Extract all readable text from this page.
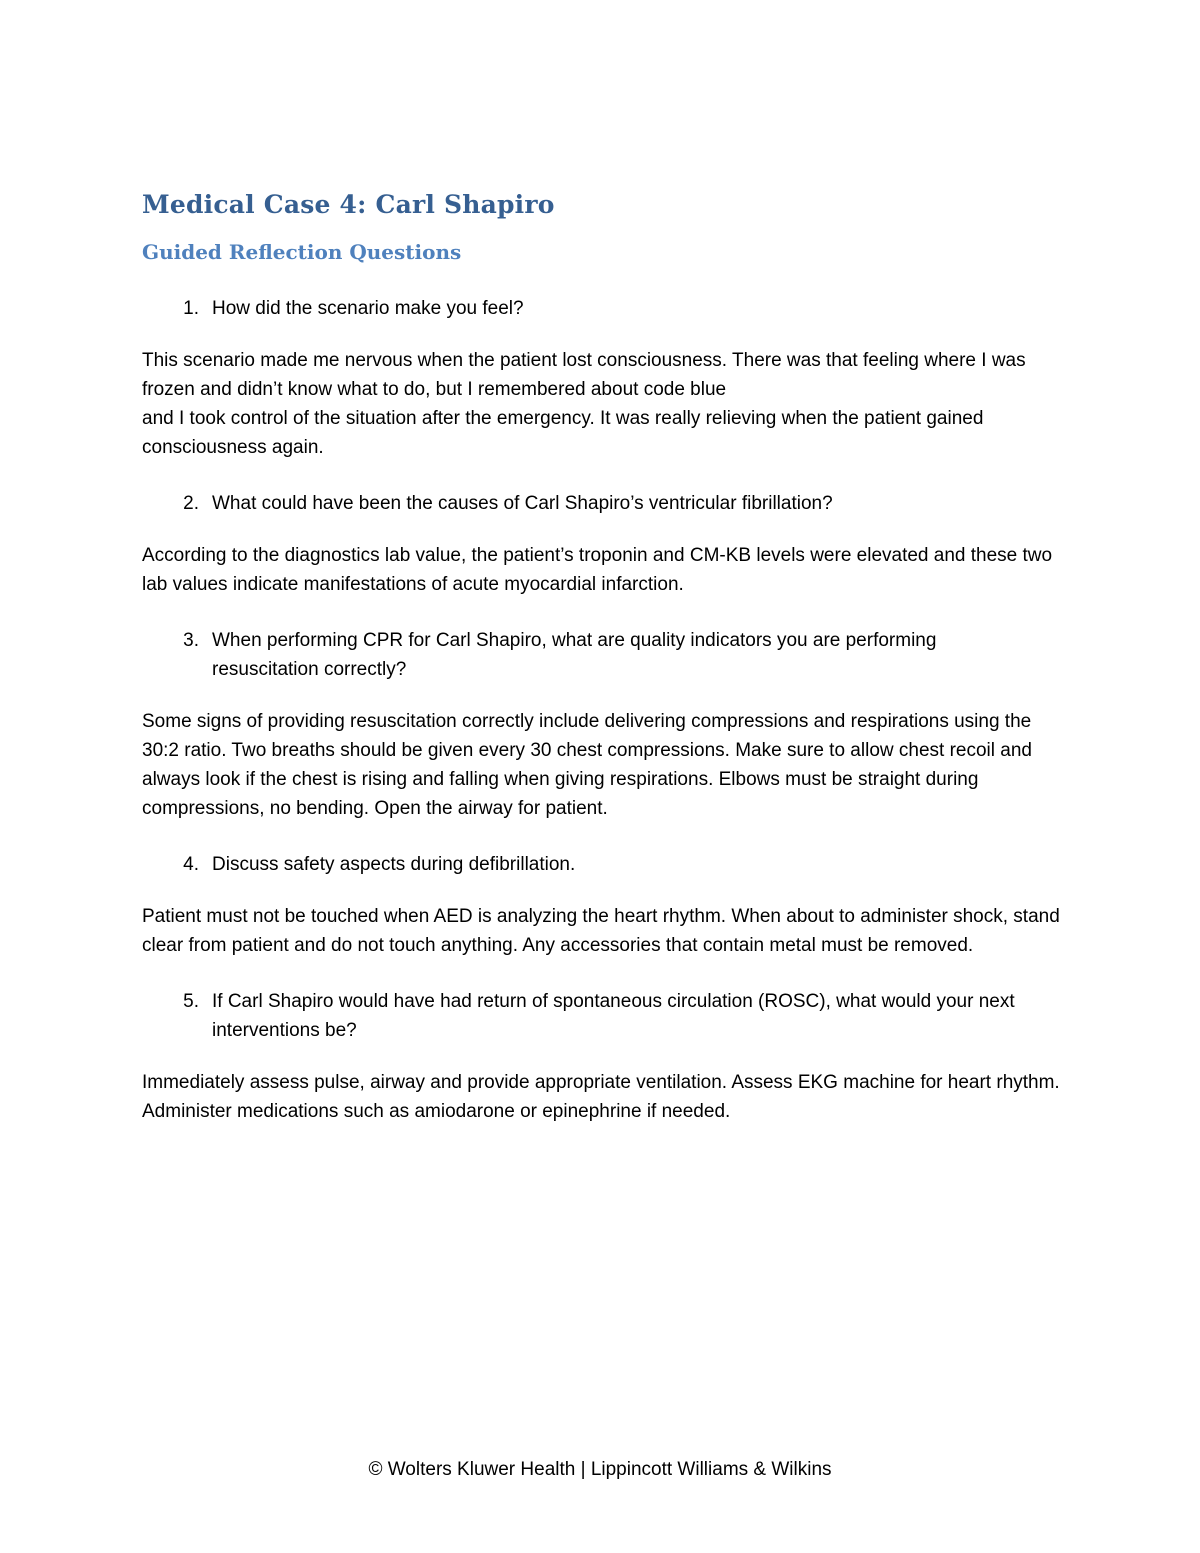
Medical Case 4: Carl Shapiro
Guided Reflection Questions
1. How did the scenario make you feel?

This scenario made me nervous when the patient lost consciousness. There was that feeling where I was frozen and didn’t know what to do, but I remembered about code blue
and I took control of the situation after the emergency. It was really relieving when the patient gained consciousness again.

2. What could have been the causes of Carl Shapiro’s ventricular fibrillation?

According to the diagnostics lab value, the patient’s troponin and CM-KB levels were elevated and these two lab values indicate manifestations of acute myocardial infarction.

3. When performing CPR for Carl Shapiro, what are quality indicators you are performing resuscitation correctly?

Some signs of providing resuscitation correctly include delivering compressions and respirations using the 30:2 ratio. Two breaths should be given every 30 chest compressions. Make sure to allow chest recoil and always look if the chest is rising and falling when giving respirations. Elbows must be straight during compressions, no bending. Open the airway for patient.

4. Discuss safety aspects during defibrillation.

Patient must not be touched when AED is analyzing the heart rhythm. When about to administer shock, stand clear from patient and do not touch anything. Any accessories that contain metal must be removed.

5. If Carl Shapiro would have had return of spontaneous circulation (ROSC), what would your next interventions be?

Immediately assess pulse, airway and provide appropriate ventilation. Assess EKG machine for heart rhythm. Administer medications such as amiodarone or epinephrine if needed.

© Wolters Kluwer Health | Lippincott Williams & Wilkins
